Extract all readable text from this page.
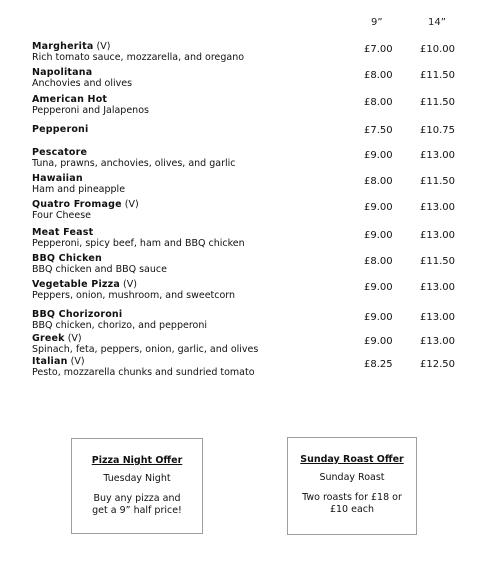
9”	14”
Margherita (V)
Rich tomato sauce, mozzarella, and oregano
£7.00	£10.00
Napolitana
Anchovies and olives
£8.00	£11.50
American Hot
Pepperoni and Jalapenos
£8.00	£11.50
Pepperoni	£7.50	£10.75
Pescatore
Tuna, prawns, anchovies, olives, and garlic
£9.00	£13.00
Hawaiian
Ham and pineapple
£8.00	£11.50
Quatro Fromage (V)
Four Cheese
£9.00	£13.00
Meat Feast
Pepperoni, spicy beef, ham and BBQ chicken
£9.00	£13.00
BBQ Chicken
BBQ chicken and BBQ sauce
£8.00	£11.50
Vegetable Pizza (V)
Peppers, onion, mushroom, and sweetcorn
£9.00	£13.00
BBQ Chorizoroni
BBQ chicken, chorizo, and pepperoni
£9.00	£13.00
Greek (V)
Spinach, feta, peppers, onion, garlic, and olives
£9.00	£13.00
Italian (V)
Pesto, mozzarella chunks and sundried tomato
£8.25	£12.50
Pizza Night Offer
Tuesday Night
Buy any pizza and get a 9” half price!
Sunday Roast Offer
Sunday Roast
Two roasts for £18 or £10 each
